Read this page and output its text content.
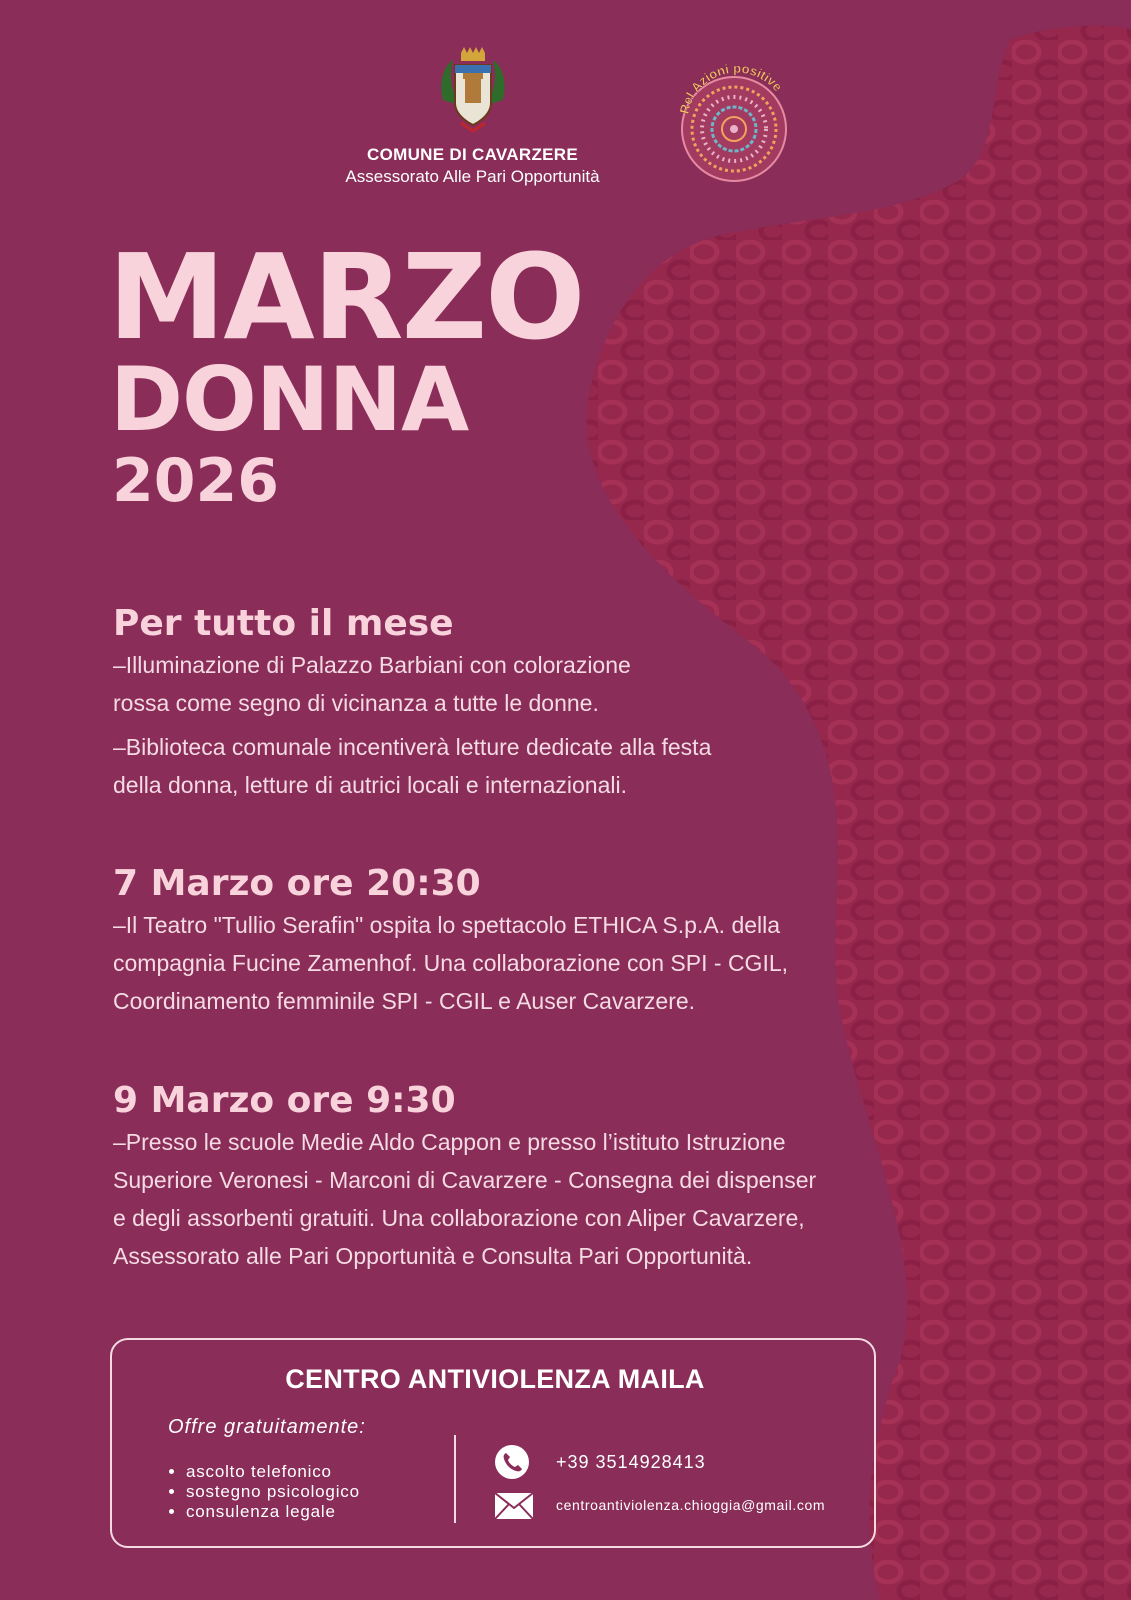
COMUNE DI CAVARZERE
Assessorato Alle Pari Opportunità
Rel Azioni positive
MARZO
DONNA
2026
Per tutto il mese

–Illuminazione di Palazzo Barbiani con colorazione
rossa come segno di vicinanza a tutte le donne.

–Biblioteca comunale incentiverà letture dedicate alla festa
della donna, letture di autrici locali e internazionali.

7 Marzo ore 20:30

–Il Teatro "Tullio Serafin" ospita lo spettacolo ETHICA S.p.A. della
compagnia Fucine Zamenhof. Una collaborazione con SPI - CGIL,
Coordinamento femminile SPI - CGIL e Auser Cavarzere.

9 Marzo ore 9:30

–Presso le scuole Medie Aldo Cappon e presso l’istituto Istruzione
Superiore Veronesi - Marconi di Cavarzere - Consegna dei dispenser
e degli assorbenti gratuiti. Una collaborazione con Aliper Cavarzere,
Assessorato alle Pari Opportunità e Consulta Pari Opportunità.

CENTRO ANTIVIOLENZA MAILA
Offre gratuitamente:
• ascolto telefonico
• sostegno psicologico
• consulenza legale
+39 3514928413
centroantiviolenza.chioggia@gmail.com
